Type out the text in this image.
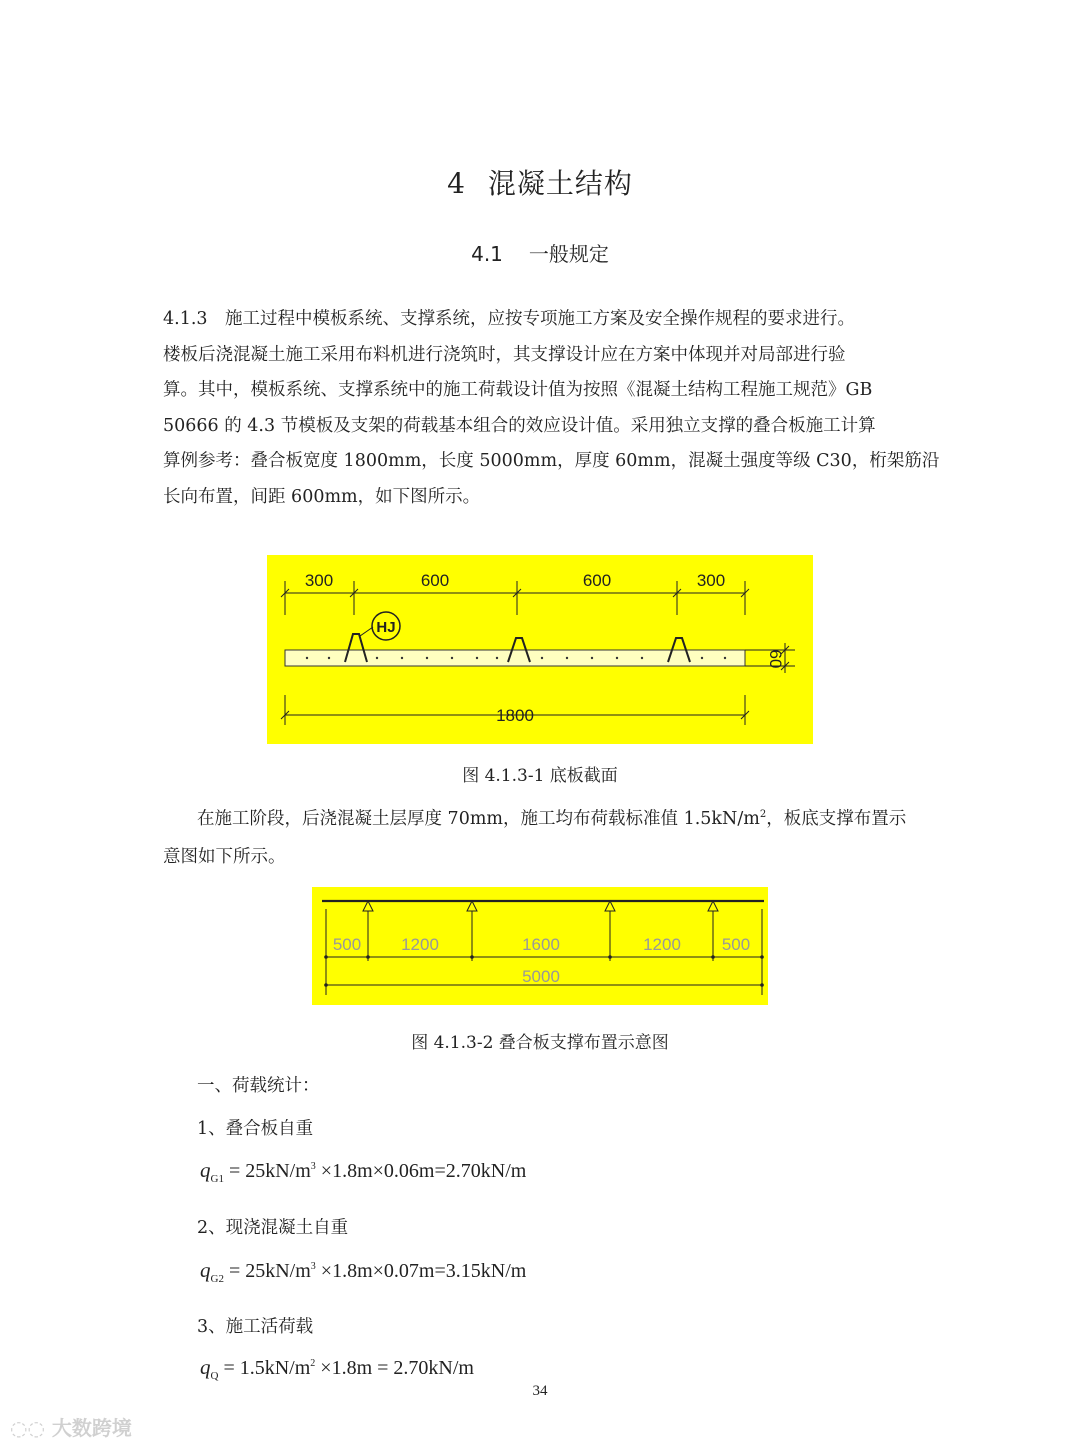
4 混凝土结构
4.1 一般规定

4.1.3　施工过程中模板系统、支撑系统，应按专项施工方案及安全操作规程的要求进行。

楼板后浇混凝土施工采用布料机进行浇筑时，其支撑设计应在方案中体现并对局部进行验

算。其中，模板系统、支撑系统中的施工荷载设计值为按照《混凝土结构工程施工规范》GB

50666 的 4.3 节模板及支架的荷载基本组合的效应设计值。采用独立支撑的叠合板施工计算

算例参考：叠合板宽度 1800mm，长度 5000mm，厚度 60mm，混凝土强度等级 C30，桁架筋沿

长向布置，间距 600mm，如下图所示。

300	600	600	300
HJ
1800
60
图 4.1.3-1 底板截面

在施工阶段，后浇混凝土层厚度 70mm，施工均布荷载标准值 $1.5kN/m^2$，板底支撑布置示

意图如下所示。

500 1200	1600	1200 500
5000
图 4.1.3-2 叠合板支撑布置示意图
一、荷载统计：
1、叠合板自重
$q_{G1} = 25kN/m^3 \times 1.8m\times 0.06m=2.70kN/m$
2、现浇混凝土自重
$q_{G2} = 25kN/m^3 \times 1.8m\times 0.07m=3.15kN/m$
3、施工活荷载
$q_Q = 1.5kN/m^2 \times 1.8m = 2.70kN/m$
34
◌◌ 大数跨境
